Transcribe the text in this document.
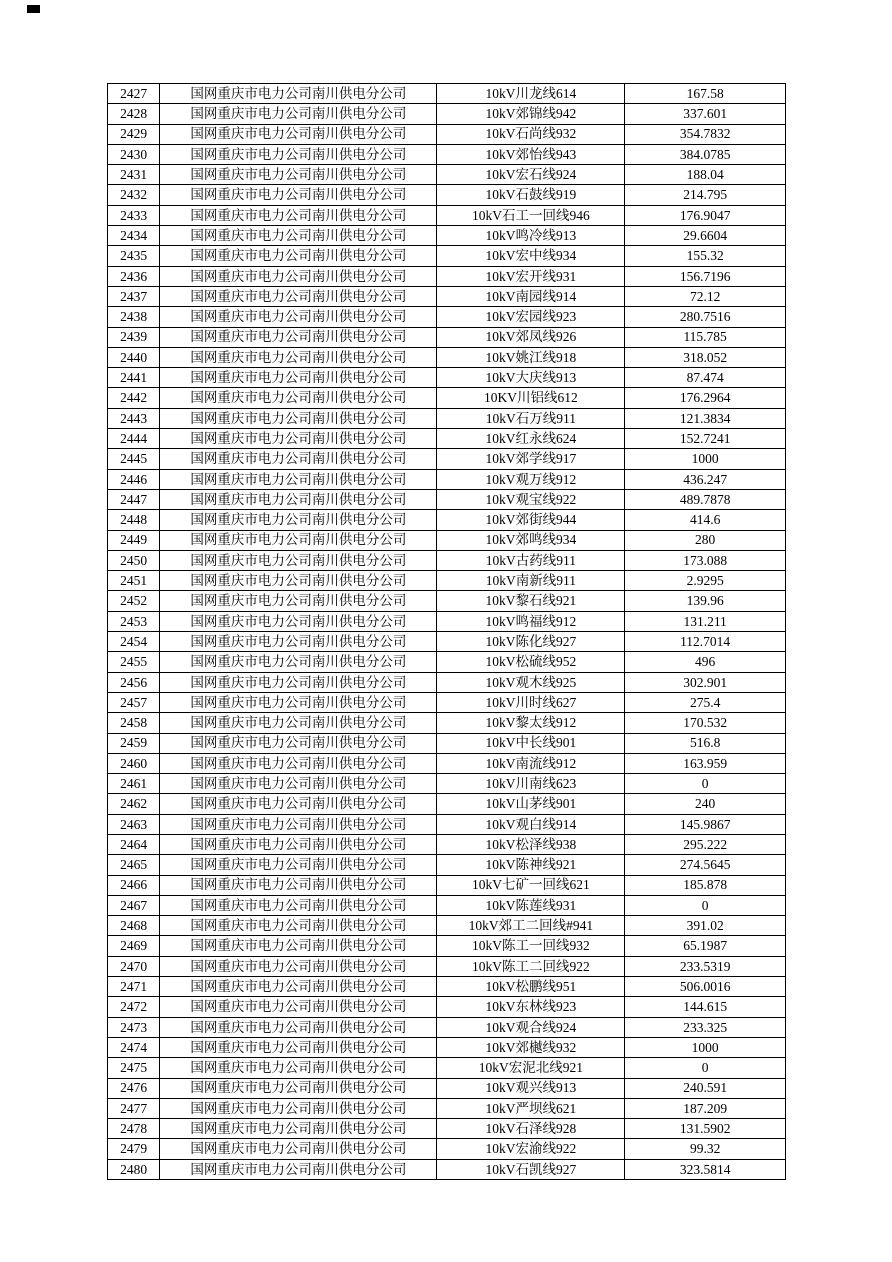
2427	国网重庆市电力公司南川供电分公司	10kV川龙线614	167.58
2428	国网重庆市电力公司南川供电分公司	10kV郊锦线942	337.601
2429	国网重庆市电力公司南川供电分公司	10kV石尚线932	354.7832
2430	国网重庆市电力公司南川供电分公司	10kV郊怡线943	384.0785
2431	国网重庆市电力公司南川供电分公司	10kV宏石线924	188.04
2432	国网重庆市电力公司南川供电分公司	10kV石鼓线919	214.795
2433	国网重庆市电力公司南川供电分公司	10kV石工一回线946	176.9047
2434	国网重庆市电力公司南川供电分公司	10kV鸣冷线913	29.6604
2435	国网重庆市电力公司南川供电分公司	10kV宏中线934	155.32
2436	国网重庆市电力公司南川供电分公司	10kV宏开线931	156.7196
2437	国网重庆市电力公司南川供电分公司	10kV南园线914	72.12
2438	国网重庆市电力公司南川供电分公司	10kV宏园线923	280.7516
2439	国网重庆市电力公司南川供电分公司	10kV郊凤线926	115.785
2440	国网重庆市电力公司南川供电分公司	10kV姚江线918	318.052
2441	国网重庆市电力公司南川供电分公司	10kV大庆线913	87.474
2442	国网重庆市电力公司南川供电分公司	10KV川铝线612	176.2964
2443	国网重庆市电力公司南川供电分公司	10kV石万线911	121.3834
2444	国网重庆市电力公司南川供电分公司	10kV红永线624	152.7241
2445	国网重庆市电力公司南川供电分公司	10kV郊学线917	1000
2446	国网重庆市电力公司南川供电分公司	10kV观万线912	436.247
2447	国网重庆市电力公司南川供电分公司	10kV观宝线922	489.7878
2448	国网重庆市电力公司南川供电分公司	10kV郊街线944	414.6
2449	国网重庆市电力公司南川供电分公司	10kV郊鸣线934	280
2450	国网重庆市电力公司南川供电分公司	10kV古药线911	173.088
2451	国网重庆市电力公司南川供电分公司	10kV南新线911	2.9295
2452	国网重庆市电力公司南川供电分公司	10kV黎石线921	139.96
2453	国网重庆市电力公司南川供电分公司	10kV鸣福线912	131.211
2454	国网重庆市电力公司南川供电分公司	10kV陈化线927	112.7014
2455	国网重庆市电力公司南川供电分公司	10kV松硫线952	496
2456	国网重庆市电力公司南川供电分公司	10kV观木线925	302.901
2457	国网重庆市电力公司南川供电分公司	10kV川时线627	275.4
2458	国网重庆市电力公司南川供电分公司	10kV黎太线912	170.532
2459	国网重庆市电力公司南川供电分公司	10kV中长线901	516.8
2460	国网重庆市电力公司南川供电分公司	10kV南流线912	163.959
2461	国网重庆市电力公司南川供电分公司	10kV川南线623	0
2462	国网重庆市电力公司南川供电分公司	10kV山茅线901	240
2463	国网重庆市电力公司南川供电分公司	10kV观白线914	145.9867
2464	国网重庆市电力公司南川供电分公司	10kV松泽线938	295.222
2465	国网重庆市电力公司南川供电分公司	10kV陈神线921	274.5645
2466	国网重庆市电力公司南川供电分公司	10kV七矿一回线621	185.878
2467	国网重庆市电力公司南川供电分公司	10kV陈莲线931	0
2468	国网重庆市电力公司南川供电分公司	10kV郊工二回线#941	391.02
2469	国网重庆市电力公司南川供电分公司	10kV陈工一回线932	65.1987
2470	国网重庆市电力公司南川供电分公司	10kV陈工二回线922	233.5319
2471	国网重庆市电力公司南川供电分公司	10kV松鹏线951	506.0016
2472	国网重庆市电力公司南川供电分公司	10kV东林线923	144.615
2473	国网重庆市电力公司南川供电分公司	10kV观合线924	233.325
2474	国网重庆市电力公司南川供电分公司	10kV郊樾线932	1000
2475	国网重庆市电力公司南川供电分公司	10kV宏泥北线921	0
2476	国网重庆市电力公司南川供电分公司	10kV观兴线913	240.591
2477	国网重庆市电力公司南川供电分公司	10kV严坝线621	187.209
2478	国网重庆市电力公司南川供电分公司	10kV石泽线928	131.5902
2479	国网重庆市电力公司南川供电分公司	10kV宏渝线922	99.32
2480	国网重庆市电力公司南川供电分公司	10kV石凯线927	323.5814
